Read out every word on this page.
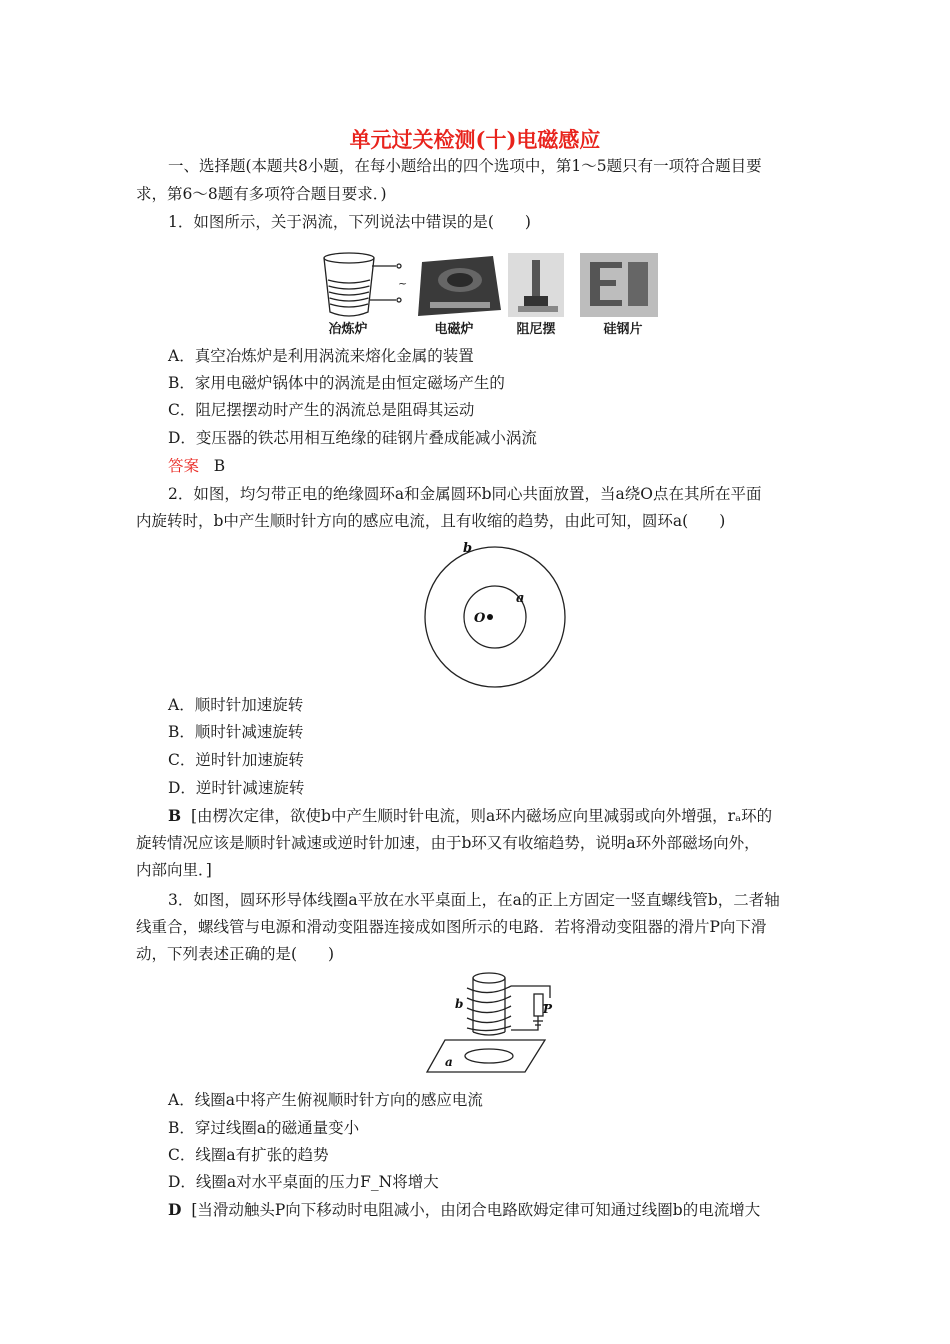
单元过关检测(十)电磁感应
一、选择题(本题共8小题，在每小题给出的四个选项中，第1～5题只有一项符合题目要
求，第6～8题有多项符合题目要求．)
1．如图所示，关于涡流，下列说法中错误的是(　　)
~
冶炼炉	电磁炉	阻尼摆	硅钢片
A．真空冶炼炉是利用涡流来熔化金属的装置
B．家用电磁炉锅体中的涡流是由恒定磁场产生的
C．阻尼摆摆动时产生的涡流总是阻碍其运动
D．变压器的铁芯用相互绝缘的硅钢片叠成能减小涡流
答案 B
2．如图，均匀带正电的绝缘圆环a和金属圆环b同心共面放置，当a绕O点在其所在平面
内旋转时，b中产生顺时针方向的感应电流，且有收缩的趋势，由此可知，圆环a(　　)
b
a
O
A．顺时针加速旋转
B．顺时针减速旋转
C．逆时针加速旋转
D．逆时针减速旋转
B [由楞次定律，欲使b中产生顺时针电流，则a环内磁场应向里减弱或向外增强，rₐ环的
旋转情况应该是顺时针减速或逆时针加速，由于b环又有收缩趋势，说明a环外部磁场向外，
内部向里．]
3．如图，圆环形导体线圈a平放在水平桌面上，在a的正上方固定一竖直螺线管b，二者轴
线重合，螺线管与电源和滑动变阻器连接成如图所示的电路．若将滑动变阻器的滑片P向下滑
动，下列表述正确的是(　　)
b
a
P
A．线圈a中将产生俯视顺时针方向的感应电流
B．穿过线圈a的磁通量变小
C．线圈a有扩张的趋势
D．线圈a对水平桌面的压力F_N将增大
D [当滑动触头P向下移动时电阻减小，由闭合电路欧姆定律可知通过线圈b的电流增大
